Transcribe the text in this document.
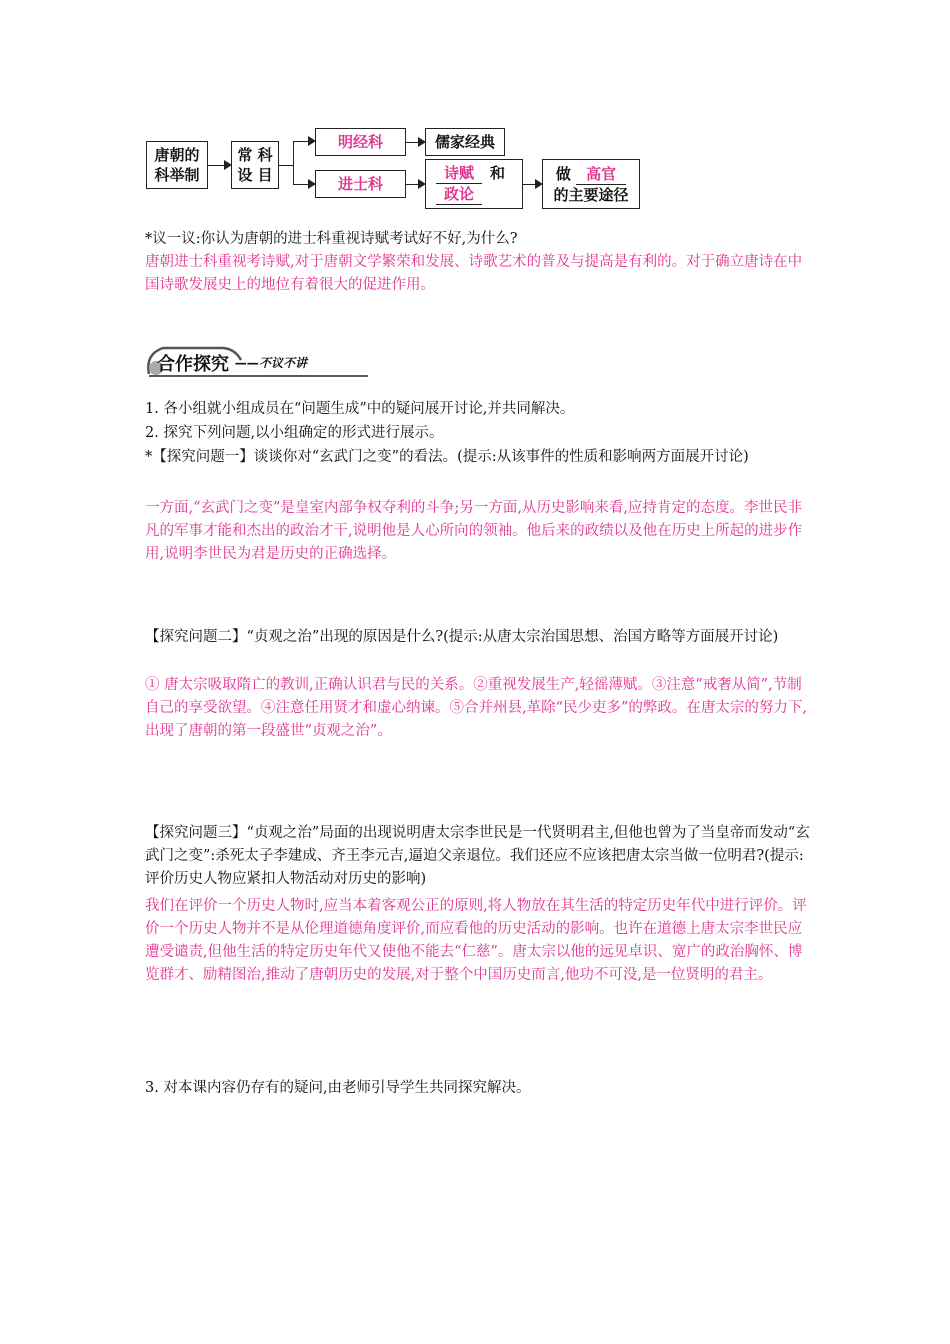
唐朝的
科举制
常 科
设 目
明经科
进士科
儒家经典
诗赋 和
政论
做 高官
的主要途径
*议一议:你认为唐朝的进士科重视诗赋考试好不好,为什么?
唐朝进士科重视考诗赋,对于唐朝文学繁荣和发展、诗歌艺术的普及与提高是有利的。对于确立唐诗在中国诗歌发展史上的地位有着很大的促进作用。
合作探究 ——不议不讲
1. 各小组就小组成员在“问题生成”中的疑问展开讨论,并共同解决。
2. 探究下列问题,以小组确定的形式进行展示。
*【探究问题一】谈谈你对“玄武门之变”的看法。(提示:从该事件的性质和影响两方面展开讨论)
一方面,“玄武门之变”是皇室内部争权夺利的斗争;另一方面,从历史影响来看,应持肯定的态度。李世民非凡的军事才能和杰出的政治才干,说明他是人心所向的领袖。他后来的政绩以及他在历史上所起的进步作用,说明李世民为君是历史的正确选择。
【探究问题二】“贞观之治”出现的原因是什么?(提示:从唐太宗治国思想、治国方略等方面展开讨论)
① 唐太宗吸取隋亡的教训,正确认识君与民的关系。②重视发展生产,轻徭薄赋。③注意“戒奢从简”,节制自己的享受欲望。④注意任用贤才和虚心纳谏。⑤合并州县,革除“民少吏多”的弊政。在唐太宗的努力下,出现了唐朝的第一段盛世“贞观之治”。
【探究问题三】“贞观之治”局面的出现说明唐太宗李世民是一代贤明君主,但他也曾为了当皇帝而发动“玄武门之变”:杀死太子李建成、齐王李元吉,逼迫父亲退位。我们还应不应该把唐太宗当做一位明君?(提示:评价历史人物应紧扣人物活动对历史的影响)
我们在评价一个历史人物时,应当本着客观公正的原则,将人物放在其生活的特定历史年代中进行评价。评价一个历史人物并不是从伦理道德角度评价,而应看他的历史活动的影响。也许在道德上唐太宗李世民应遭受谴责,但他生活的特定历史年代又使他不能去“仁慈”。唐太宗以他的远见卓识、宽广的政治胸怀、博览群才、励精图治,推动了唐朝历史的发展,对于整个中国历史而言,他功不可没,是一位贤明的君主。
3. 对本课内容仍存有的疑问,由老师引导学生共同探究解决。
